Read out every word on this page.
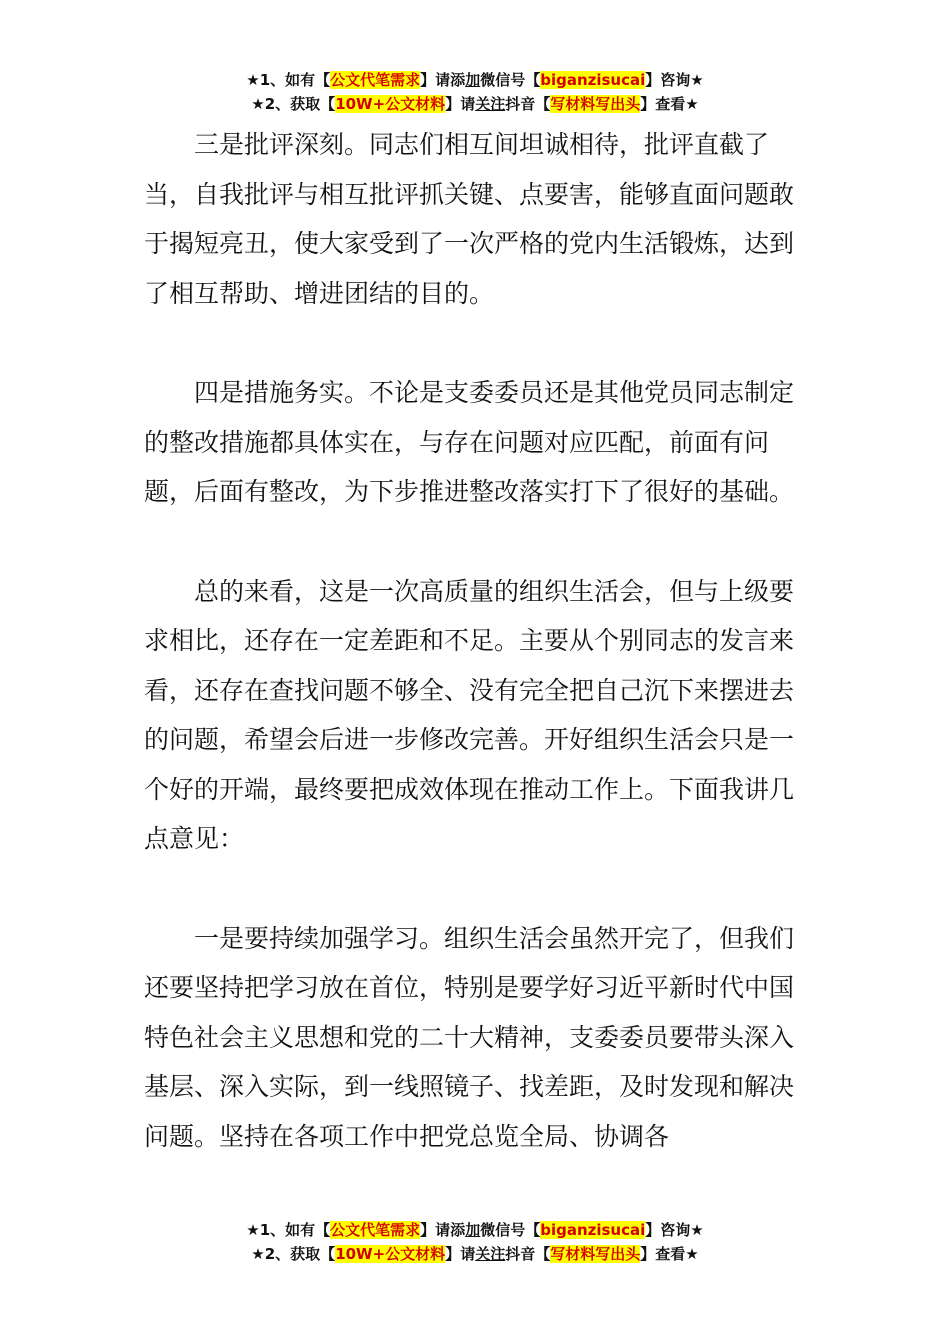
★1、如有【公文代笔需求】请添加微信号【biganzisucai】咨询★
★2、获取【10W+公文材料】请关注抖音【写材料写出头】查看★

三是批评深刻。同志们相互间坦诚相待，批评直截了当，自我批评与相互批评抓关键、点要害，能够直面问题敢于揭短亮丑，使大家受到了一次严格的党内生活锻炼，达到了相互帮助、增进团结的目的。

四是措施务实。不论是支委委员还是其他党员同志制定的整改措施都具体实在，与存在问题对应匹配，前面有问题，后面有整改，为下步推进整改落实打下了很好的基础。

总的来看，这是一次高质量的组织生活会，但与上级要求相比，还存在一定差距和不足。主要从个别同志的发言来看，还存在查找问题不够全、没有完全把自己沉下来摆进去的问题，希望会后进一步修改完善。开好组织生活会只是一个好的开端，最终要把成效体现在推动工作上。下面我讲几点意见：

一是要持续加强学习。组织生活会虽然开完了，但我们还要坚持把学习放在首位，特别是要学好习近平新时代中国特色社会主义思想和党的二十大精神，支委委员要带头深入基层、深入实际，到一线照镜子、找差距，及时发现和解决问题。坚持在各项工作中把党总览全局、协调各

★1、如有【公文代笔需求】请添加微信号【biganzisucai】咨询★
★2、获取【10W+公文材料】请关注抖音【写材料写出头】查看★
